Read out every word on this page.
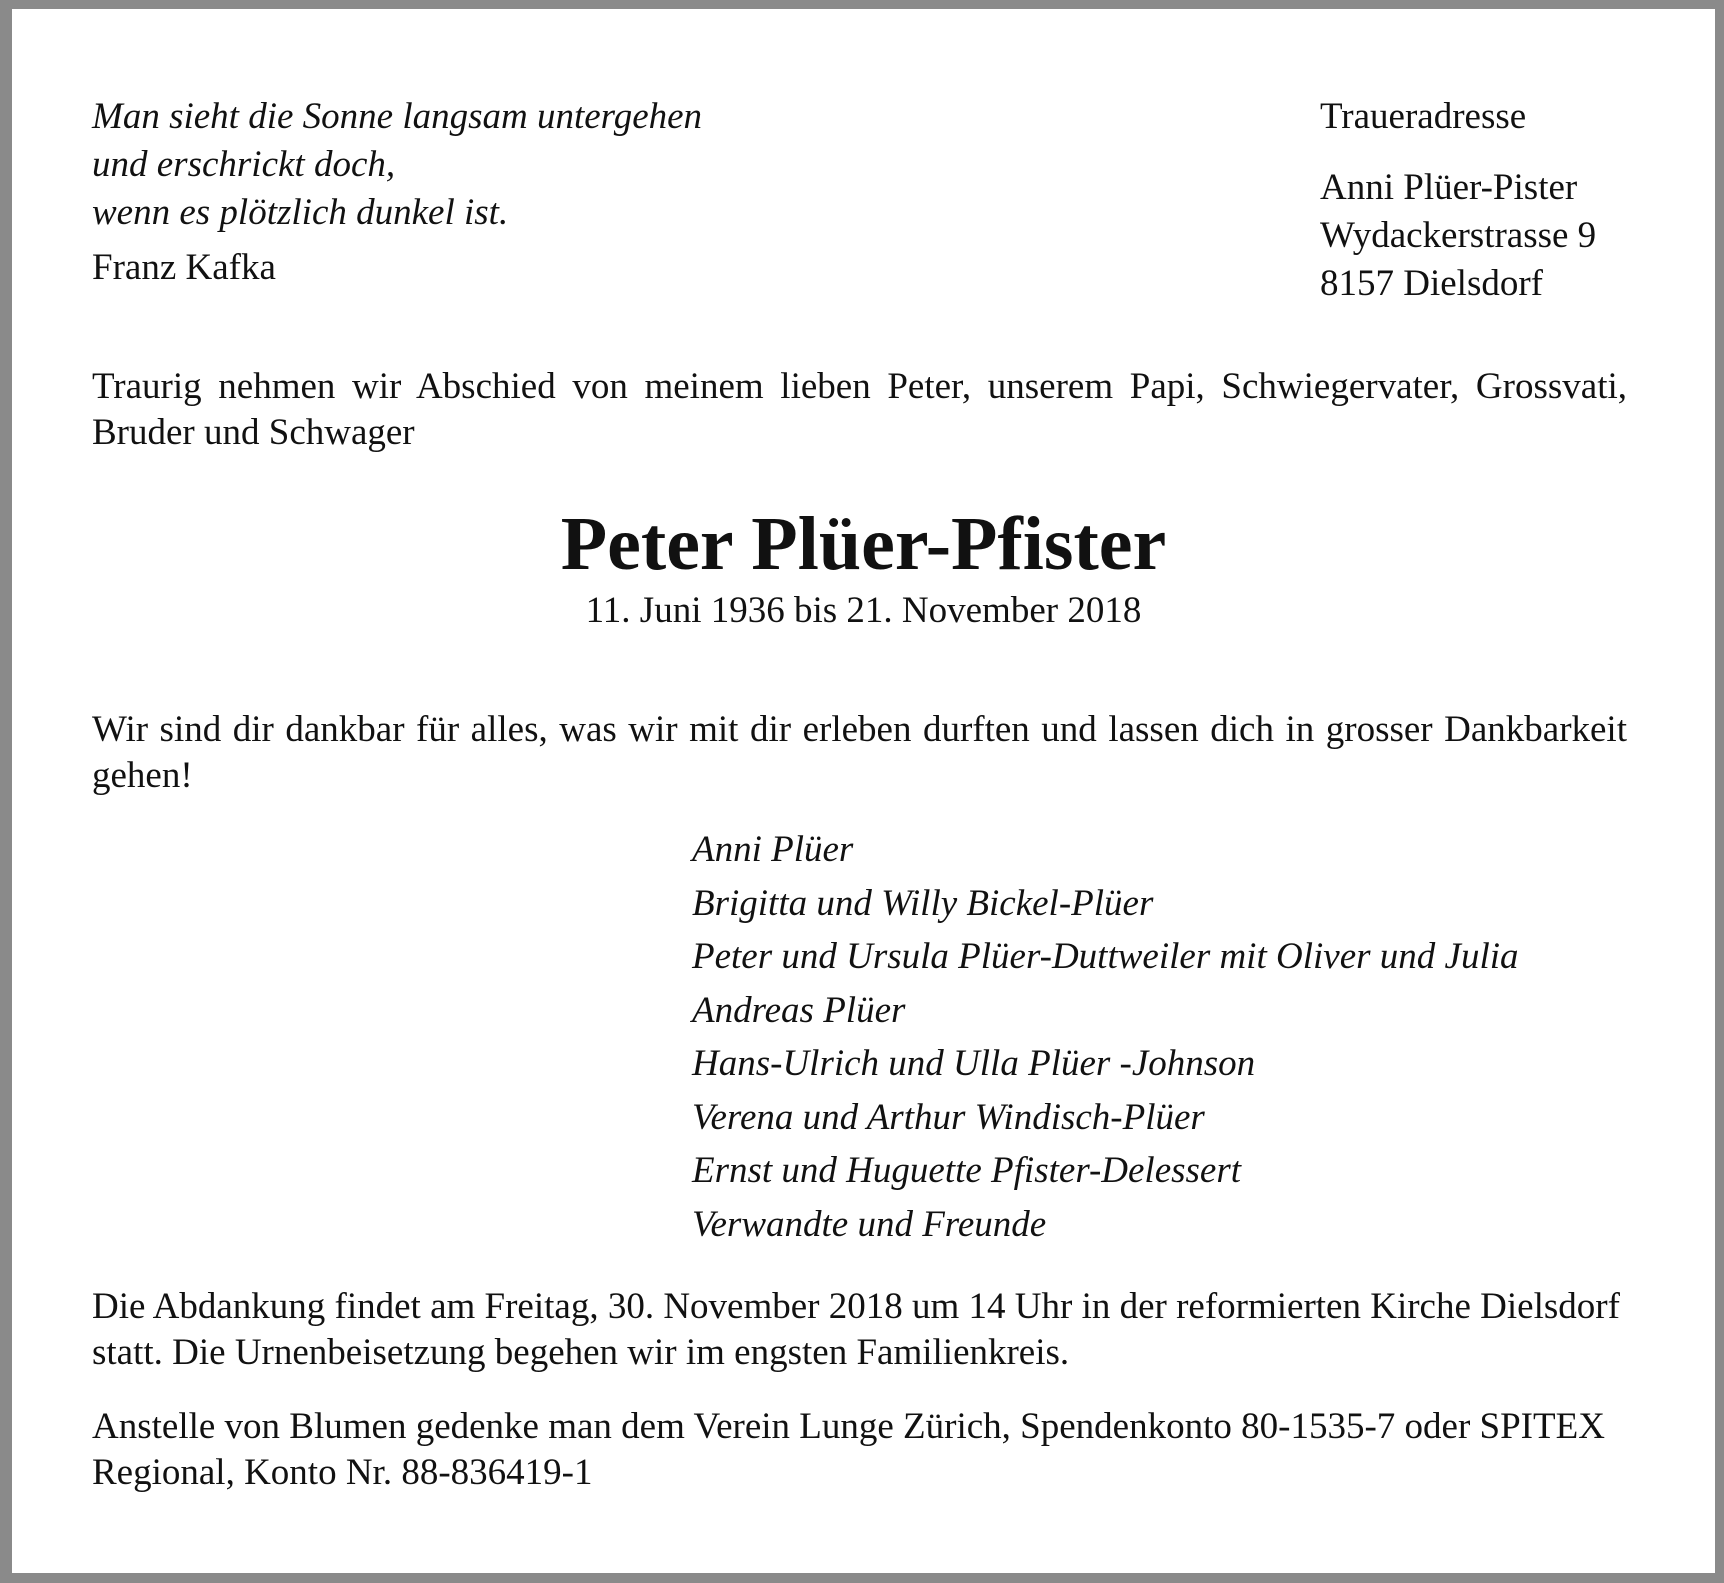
Man sieht die Sonne langsam untergehen
und erschrickt doch,
wenn es plötzlich dunkel ist.
Franz Kafka
Traueradresse
Anni Plüer-Pister
Wydackerstrasse 9
8157 Dielsdorf
Traurig nehmen wir Abschied von meinem lieben Peter, unserem Papi, Schwiegervater, Grossvati, Bruder und Schwager
Peter Plüer-Pfister
11. Juni 1936 bis 21. November 2018
Wir sind dir dankbar für alles, was wir mit dir erleben durften und lassen dich in grosser Dankbarkeit gehen!
Anni Plüer
Brigitta und Willy Bickel-Plüer
Peter und Ursula Plüer-Duttweiler mit Oliver und Julia
Andreas Plüer
Hans-Ulrich und Ulla Plüer -Johnson
Verena und Arthur Windisch-Plüer
Ernst und Huguette Pfister-Delessert
Verwandte und Freunde
Die Abdankung findet am Freitag, 30. November 2018 um 14 Uhr in der reformierten Kirche Dielsdorf statt. Die Urnenbeisetzung begehen wir im engsten Familienkreis.
Anstelle von Blumen gedenke man dem Verein Lunge Zürich, Spendenkonto 80-1535-7 oder SPITEX Regional, Konto Nr. 88-836419-1
